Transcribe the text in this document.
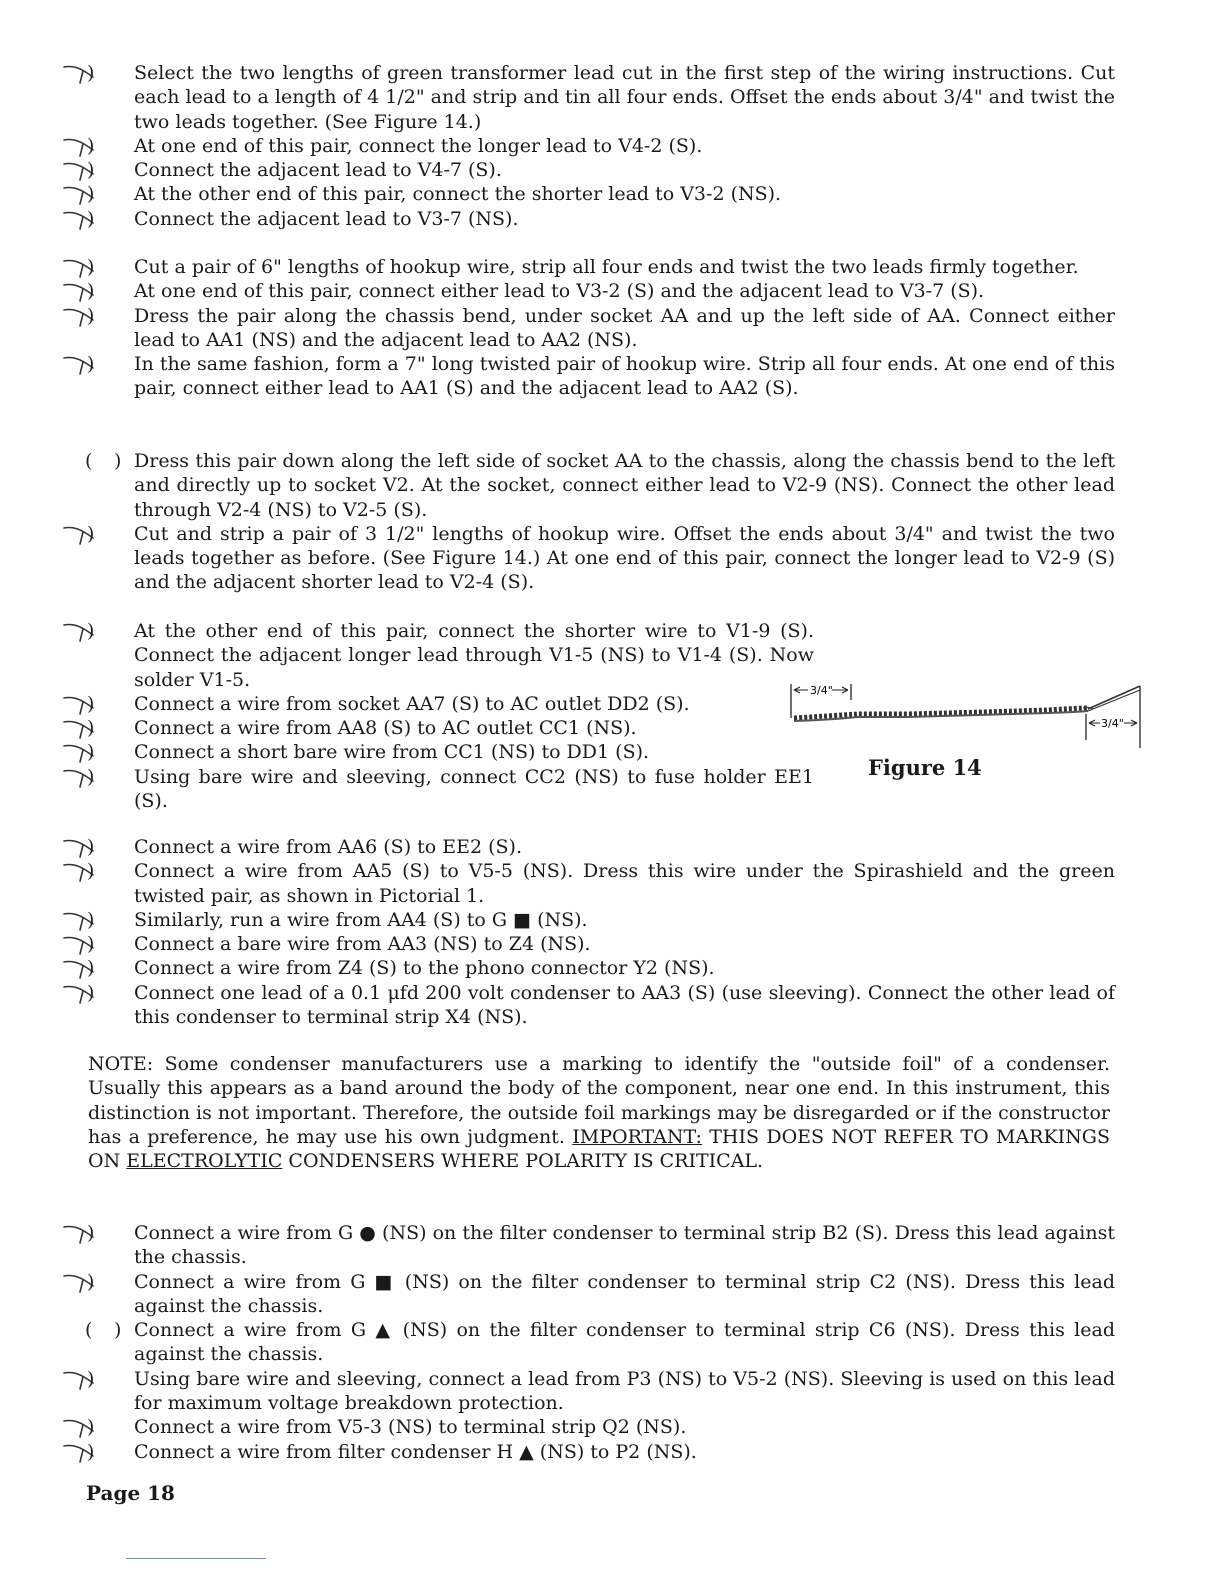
) Select the two lengths of green transformer lead cut in the first step of the wiring instructions. Cut each lead to a length of 4 1/2" and strip and tin all four ends. Offset the ends about 3/4" and twist the two leads together. (See Figure 14.)
) At one end of this pair, connect the longer lead to V4-2 (S).
) Connect the adjacent lead to V4-7 (S).
) At the other end of this pair, connect the shorter lead to V3-2 (NS).
) Connect the adjacent lead to V3-7 (NS).
) Cut a pair of 6" lengths of hookup wire, strip all four ends and twist the two leads firmly together.
) At one end of this pair, connect either lead to V3-2 (S) and the adjacent lead to V3-7 (S).
) Dress the pair along the chassis bend, under socket AA and up the left side of AA. Connect either lead to AA1 (NS) and the adjacent lead to AA2 (NS).
) In the same fashion, form a 7" long twisted pair of hookup wire. Strip all four ends. At one end of this pair, connect either lead to AA1 (S) and the adjacent lead to AA2 (S).
( ) Dress this pair down along the left side of socket AA to the chassis, along the chassis bend to the left and directly up to socket V2. At the socket, connect either lead to V2-9 (NS). Connect the other lead through V2-4 (NS) to V2-5 (S).
) Cut and strip a pair of 3 1/2" lengths of hookup wire. Offset the ends about 3/4" and twist the two leads together as before. (See Figure 14.) At one end of this pair, connect the longer lead to V2-9 (S) and the adjacent shorter lead to V2-4 (S).
) At the other end of this pair, connect the shorter wire to V1-9 (S). Connect the adjacent longer lead through V1-5 (NS) to V1-4 (S). Now solder V1-5.
) Connect a wire from socket AA7 (S) to AC outlet DD2 (S).
) Connect a wire from AA8 (S) to AC outlet CC1 (NS).
) Connect a short bare wire from CC1 (NS) to DD1 (S).
) Using bare wire and sleeving, connect CC2 (NS) to fuse holder EE1 (S).
3/4"
3/4"
Figure 14
) Connect a wire from AA6 (S) to EE2 (S).
) Connect a wire from AA5 (S) to V5-5 (NS). Dress this wire under the Spirashield and the green twisted pair, as shown in Pictorial 1.
) Similarly, run a wire from AA4 (S) to G ■ (NS).
) Connect a bare wire from AA3 (NS) to Z4 (NS).
) Connect a wire from Z4 (S) to the phono connector Y2 (NS).
) Connect one lead of a 0.1 μfd 200 volt condenser to AA3 (S) (use sleeving). Connect the other lead of this condenser to terminal strip X4 (NS).
NOTE: Some condenser manufacturers use a marking to identify the "outside foil" of a condenser. Usually this appears as a band around the body of the component, near one end. In this instrument, this distinction is not important. Therefore, the outside foil markings may be disregarded or if the constructor has a preference, he may use his own judgment. IMPORTANT: THIS DOES NOT REFER TO MARKINGS ON ELECTROLYTIC CONDENSERS WHERE POLARITY IS CRITICAL.
) Connect a wire from G ● (NS) on the filter condenser to terminal strip B2 (S). Dress this lead against the chassis.
) Connect a wire from G ■ (NS) on the filter condenser to terminal strip C2 (NS). Dress this lead against the chassis.
( ) Connect a wire from G ▲ (NS) on the filter condenser to terminal strip C6 (NS). Dress this lead against the chassis.
) Using bare wire and sleeving, connect a lead from P3 (NS) to V5-2 (NS). Sleeving is used on this lead for maximum voltage breakdown protection.
) Connect a wire from V5-3 (NS) to terminal strip Q2 (NS).
) Connect a wire from filter condenser H ▲ (NS) to P2 (NS).
Page 18
